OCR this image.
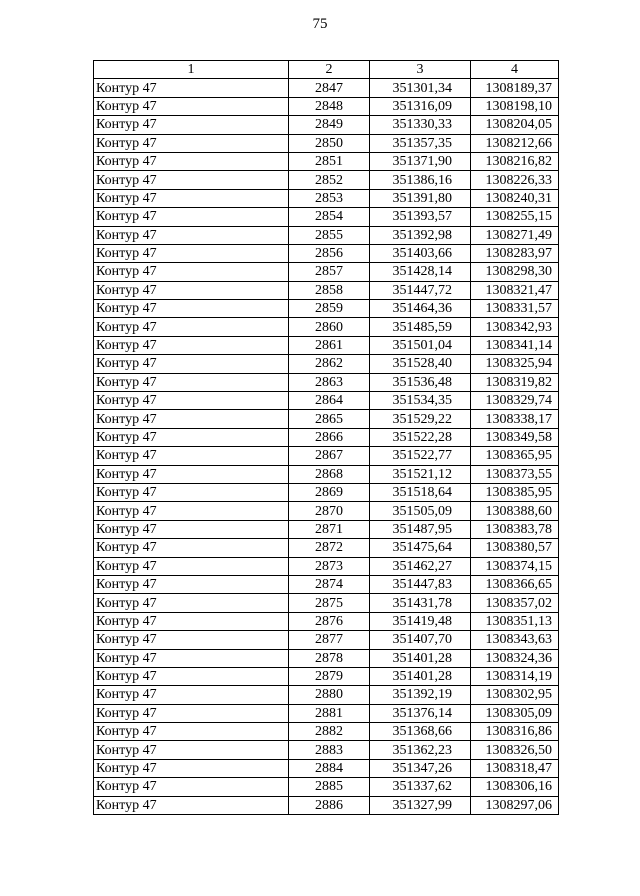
75
1	2	3	4
Контур 47	2847	351301,34	1308189,37
Контур 47	2848	351316,09	1308198,10
Контур 47	2849	351330,33	1308204,05
Контур 47	2850	351357,35	1308212,66
Контур 47	2851	351371,90	1308216,82
Контур 47	2852	351386,16	1308226,33
Контур 47	2853	351391,80	1308240,31
Контур 47	2854	351393,57	1308255,15
Контур 47	2855	351392,98	1308271,49
Контур 47	2856	351403,66	1308283,97
Контур 47	2857	351428,14	1308298,30
Контур 47	2858	351447,72	1308321,47
Контур 47	2859	351464,36	1308331,57
Контур 47	2860	351485,59	1308342,93
Контур 47	2861	351501,04	1308341,14
Контур 47	2862	351528,40	1308325,94
Контур 47	2863	351536,48	1308319,82
Контур 47	2864	351534,35	1308329,74
Контур 47	2865	351529,22	1308338,17
Контур 47	2866	351522,28	1308349,58
Контур 47	2867	351522,77	1308365,95
Контур 47	2868	351521,12	1308373,55
Контур 47	2869	351518,64	1308385,95
Контур 47	2870	351505,09	1308388,60
Контур 47	2871	351487,95	1308383,78
Контур 47	2872	351475,64	1308380,57
Контур 47	2873	351462,27	1308374,15
Контур 47	2874	351447,83	1308366,65
Контур 47	2875	351431,78	1308357,02
Контур 47	2876	351419,48	1308351,13
Контур 47	2877	351407,70	1308343,63
Контур 47	2878	351401,28	1308324,36
Контур 47	2879	351401,28	1308314,19
Контур 47	2880	351392,19	1308302,95
Контур 47	2881	351376,14	1308305,09
Контур 47	2882	351368,66	1308316,86
Контур 47	2883	351362,23	1308326,50
Контур 47	2884	351347,26	1308318,47
Контур 47	2885	351337,62	1308306,16
Контур 47	2886	351327,99	1308297,06
